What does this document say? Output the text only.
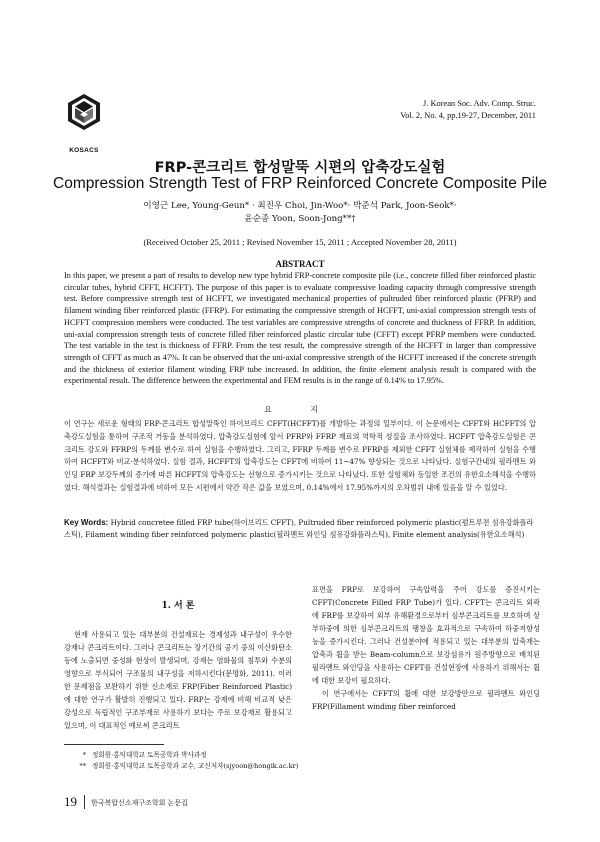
KOSACS
J. Korean Soc. Adv. Comp. Struc.
Vol. 2, No. 4, pp.19-27, December, 2011
FRP-콘크리트 합성말뚝 시편의 압축강도실험
Compression Strength Test of FRP Reinforced Concrete Composite Pile
이영근 Lee, Young-Geun* · 최진우 Choi, Jin-Woo*· 박준석 Park, Joon-Seok*·
윤순종 Yoon, Soon-Jong**†
(Received October 25, 2011 ; Revised November 15, 2011 ; Accepted November 28, 2011)
ABSTRACT
In this paper, we present a part of results to develop new type hybrid FRP-concrete composite pile (i.e., concrete filled fiber reinforced plastic circular tubes, hybrid CFFT, HCFFT). The purpose of this paper is to evaluate compressive loading capacity through compressive strength test. Before compressive strength test of HCFFT, we investigated mechanical properties of pultruded fiber reinforced plastic (PFRP) and filament winding fiber reinforced plastic (FFRP). For estimating the compressive strength of HCFFT, uni-axial compression strength tests of HCFFT compression members were conducted. The test variables are compressive strengths of concrete and thickness of FFRP. In addition, uni-axial compression strength tests of concrete filled fiber reinforced plastic circular tube (CFFT) except PFRP members were conducted. The test variable in the test is thickness of FFRP. From the test result, the compressive strength of the HCFFT in larger than compressive strength of CFFT as much as 47%. It can be observed that the uni-axial compressive strength of the HCFFT increased if the concrete strength and the thickness of exterior filament winding FRP tube increased. In addition, the finite element analysis result is compared with the experimental result. The difference between the experimental and FEM results is in the range of 0.14% to 17.95%.
요 지
이 연구는 새로운 형태의 FRP-콘크리트 합성말뚝인 하이브리드 CFFT(HCFFT)를 개발하는 과정의 일부이다. 이 논문에서는 CFFT와 HCFFT의 압축강도실험을 통하여 구조적 거동을 분석하였다. 압축강도실험에 앞서 PFRP와 FFRP 재료의 역학적 성질을 조사하였다. HCFFT 압축강도실험은 콘크리트 강도와 FFRP의 두께를 변수로 하여 실험을 수행하였다. 그리고, FFRP 두께를 변수로 PFRP를 제외한 CFFT 실험체를 제작하여 실험을 수행하여 HCFFT와 비교·분석하였다. 실험 결과, HCFFT의 압축강도는 CFFT에 비하여 11~47% 향상되는 것으로 나타났다. 실험구간내의 필라멘트 와인딩 FRP 보강두께의 증가에 따른 HCFFT의 압축강도는 선형으로 증가시키는 것으로 나타났다. 또한 실험체와 동일한 조건의 유한요소해석을 수행하였다. 해석결과는 실험결과에 비하여 모든 시편에서 약간 작은 값을 보였으며, 0.14%에서 17.95%까지의 오차범위 내에 있음을 알 수 있었다.
Key Words: Hybrid concretee filled FRP tube(하이브리드 CFFT), Pultruded fiber reinforced polymeric plastic(펄트루젼 섬유강화플라스틱), Filament winding fiber reinforced polymeric plastic(필라멘트 와인딩 섬유강화플라스틱), Finite element analysis(유한요소해석)
1. 서 론
현재 사용되고 있는 대부분의 건설재료는 경제성과 내구성이 우수한 강재나 콘크리트이다. 그러나 콘크리트는 장기간의 공기 중의 이산화탄소 등에 노출되면 중성화 현상이 발생되며, 강재는 염화물의 침투와 수분의 영향으로 부식되어 구조물의 내구성을 저하시킨다(문명화, 2011). 이러한 문제점을 보완하기 위한 신소재로 FRP(Fiber Reinforced Plastic)에 대한 연구가 활발히 진행되고 있다. FRP는 강재에 비해 비교적 낮은 강성으로 독립적인 구조부재로 사용하기 보다는 주로 보강재로 활용되고 있으며, 이 대표적인 예로써 콘크리트
표면을 FRP로 보강하여 구속압력을 주어 강도를 증진시키는 CFFT(Concrete Filled FRP Tube)가 있다. CFFT는 콘크리트 외곽에 FRP를 보강하여 외부 유해환경으로부터 심부콘크리트를 보호하며 상부하중에 의한 심부콘크리트의 팽창을 효과적으로 구속하여 하중저항성능을 증가시킨다. 그러나 건설분야에 적용되고 있는 대부분의 압축재는 압축과 휨을 받는 Beam-column으로 보강섬유가 원주방향으로 배치된 필라멘트 와인딩을 사용하는 CFFT를 건설현장에 사용하기 위해서는 휨에 대한 보강이 필요하다.
이 연구에서는 CFFT의 휨에 대한 보강방안으로 필라멘트 와인딩 FRP(Fillament winding fiber reinforced
* 정회원·홍익대학교 토목공학과 박사과정
** 정회원·홍익대학교 토목공학과 교수, 교신저자(sjyoon@hongik.ac.kr)
19 한국복합신소재구조학회 논문집
